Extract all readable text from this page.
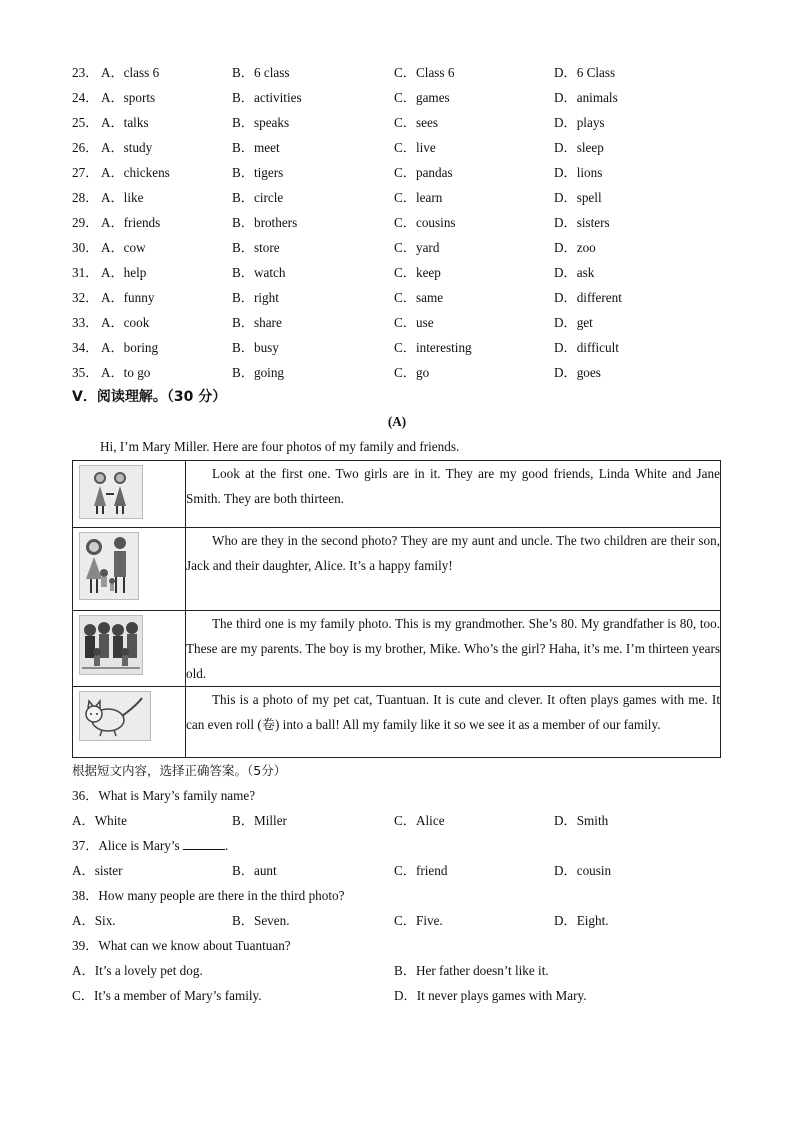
23． A．class 6	B．6 class	C．Class 6	D．6 Class
24． A．sports	B．activities	C．games	D．animals
25． A．talks	B．speaks	C．sees	D．plays
26． A．study	B．meet	C．live	D．sleep
27． A．chickens	B．tigers	C．pandas	D．lions
28． A．like	B．circle	C．learn	D．spell
29． A．friends	B．brothers	C．cousins	D．sisters
30． A．cow	B．store	C．yard	D．zoo
31． A．help	B．watch	C．keep	D．ask
32． A．funny	B．right	C．same	D．different
33． A．cook	B．share	C．use	D．get
34． A．boring	B．busy	C．interesting	D．difficult
35． A．to go	B．going	C．go	D．goes
Ⅴ．阅读理解。（30 分）
(A)
Hi, I’m Mary Miller. Here are four photos of my family and friends.
	Look at the first one. Two girls are in it. They are my good friends, Linda White and Jane Smith. They are both thirteen.
	Who are they in the second photo? They are my aunt and uncle. The two children are their son, Jack and their daughter, Alice. It’s a happy family!
	The third one is my family photo. This is my grandmother. She’s 80. My grandfather is 80, too. These are my parents. The boy is my brother, Mike. Who’s the girl? Haha, it’s me. I’m thirteen years old.
	This is a photo of my pet cat, Tuantuan. It is cute and clever. It often plays games with me. It can even roll (卷) into a ball! All my family like it so we see it as a member of our family.
根据短文内容，选择正确答案。（5分）
36．What is Mary’s family name?
A．White	B．Miller	C．Alice	D．Smith
37．Alice is Mary’s	.
A．sister	B．aunt	C．friend	D．cousin
38．How many people are there in the third photo?
A．Six.	B．Seven.	C．Five.	D．Eight.
39．What can we know about Tuantuan?
A．It’s a lovely pet dog.	B．Her father doesn’t like it.
C．It’s a member of Mary’s family.	D．It never plays games with Mary.
